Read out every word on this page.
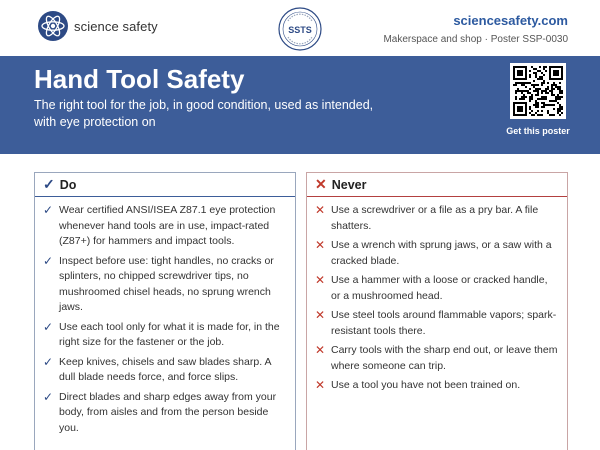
science safety	SSTS
sciencesafety.com
Makerspace and shop · Poster SSP-0030
Hand Tool Safety

The right tool for the job, in good condition, used as intended, with eye protection on

Get this poster
✓ Do
✓ Wear certified ANSI/ISEA Z87.1 eye protection whenever hand tools are in use, impact-rated (Z87+) for hammers and impact tools.
✓ Inspect before use: tight handles, no cracks or splinters, no chipped screwdriver tips, no mushroomed chisel heads, no sprung wrench jaws.
✓ Use each tool only for what it is made for, in the right size for the fastener or the job.
✓ Keep knives, chisels and saw blades sharp. A dull blade needs force, and force slips.
✓ Direct blades and sharp edges away from your body, from aisles and from the person beside you.
✕ Never
✕ Use a screwdriver or a file as a pry bar. A file shatters.
✕ Use a wrench with sprung jaws, or a saw with a cracked blade.
✕ Use a hammer with a loose or cracked handle, or a mushroomed head.
✕ Use steel tools around flammable vapors; spark-resistant tools there.
✕ Carry tools with the sharp end out, or leave them where someone can trip.
✕ Use a tool you have not been trained on.
